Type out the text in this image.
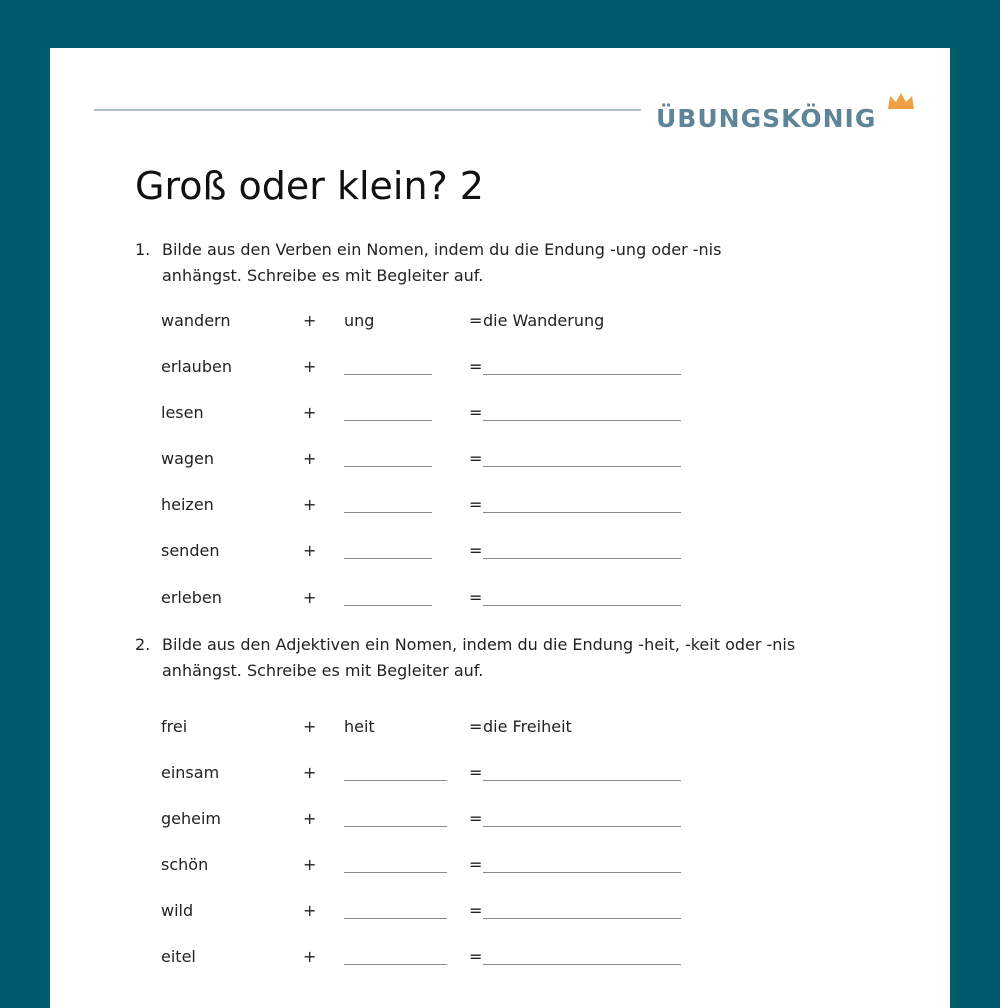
ÜBUNGSKÖNIG
Groß oder klein? 2
1. Bilde aus den Verben ein Nomen, indem du die Endung -ung oder -nis
anhängst. Schreibe es mit Begleiter auf.
wandern	+ ung	= die Wanderung
erlauben	+	=
lesen	+	=
wagen	+	=
heizen	+	=
senden	+	=
erleben	+	=
2. Bilde aus den Adjektiven ein Nomen, indem du die Endung -heit, -keit oder -nis
anhängst. Schreibe es mit Begleiter auf.
frei	+ heit	= die Freiheit
einsam	+	=
geheim	+	=
schön	+	=
wild	+	=
eitel	+	=
